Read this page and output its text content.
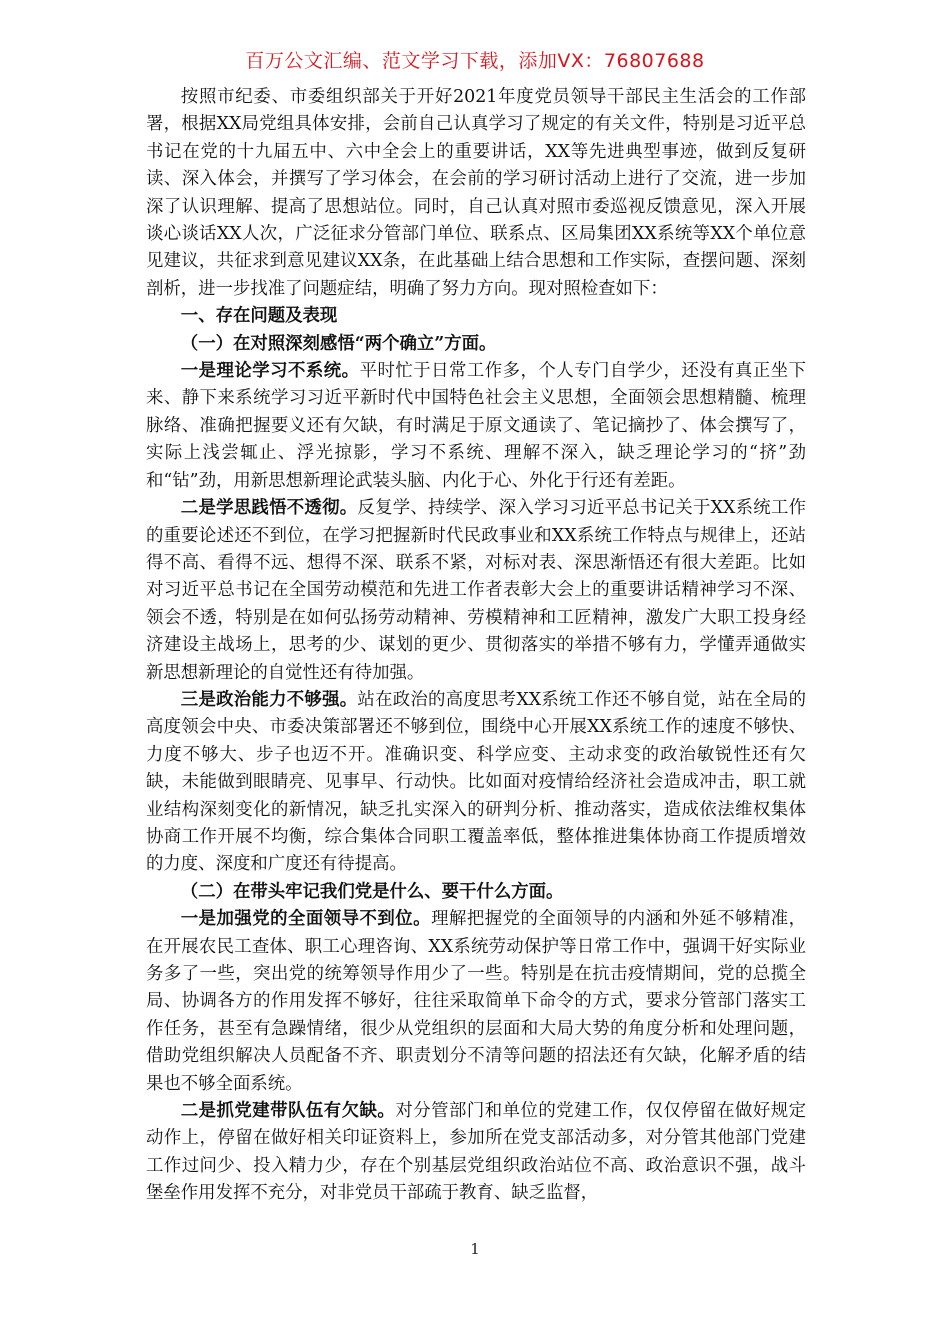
百万公文汇编、范文学习下载，添加VX：76807688

按照市纪委、市委组织部关于开好2021年度党员领导干部民主生活会的工作部署，根据XX局党组具体安排，会前自己认真学习了规定的有关文件，特别是习近平总书记在党的十九届五中、六中全会上的重要讲话，XX等先进典型事迹，做到反复研读、深入体会，并撰写了学习体会，在会前的学习研讨活动上进行了交流，进一步加深了认识理解、提高了思想站位。同时，自己认真对照市委巡视反馈意见，深入开展谈心谈话XX人次，广泛征求分管部门单位、联系点、区局集团XX系统等XX个单位意见建议，共征求到意见建议XX条，在此基础上结合思想和工作实际，查摆问题、深刻剖析，进一步找准了问题症结，明确了努力方向。现对照检查如下：

一、存在问题及表现

（一）在对照深刻感悟“两个确立”方面。

一是理论学习不系统。平时忙于日常工作多，个人专门自学少，还没有真正坐下来、静下来系统学习习近平新时代中国特色社会主义思想，全面领会思想精髓、梳理脉络、准确把握要义还有欠缺，有时满足于原文通读了、笔记摘抄了、体会撰写了，实际上浅尝辄止、浮光掠影，学习不系统、理解不深入，缺乏理论学习的“挤”劲和“钻”劲，用新思想新理论武装头脑、内化于心、外化于行还有差距。

二是学思践悟不透彻。反复学、持续学、深入学习习近平总书记关于XX系统工作的重要论述还不到位，在学习把握新时代民政事业和XX系统工作特点与规律上，还站得不高、看得不远、想得不深、联系不紧，对标对表、深思渐悟还有很大差距。比如对习近平总书记在全国劳动模范和先进工作者表彰大会上的重要讲话精神学习不深、领会不透，特别是在如何弘扬劳动精神、劳模精神和工匠精神，激发广大职工投身经济建设主战场上，思考的少、谋划的更少、贯彻落实的举措不够有力，学懂弄通做实新思想新理论的自觉性还有待加强。

三是政治能力不够强。站在政治的高度思考XX系统工作还不够自觉，站在全局的高度领会中央、市委决策部署还不够到位，围绕中心开展XX系统工作的速度不够快、力度不够大、步子也迈不开。准确识变、科学应变、主动求变的政治敏锐性还有欠缺，未能做到眼睛亮、见事早、行动快。比如面对疫情给经济社会造成冲击，职工就业结构深刻变化的新情况，缺乏扎实深入的研判分析、推动落实，造成依法维权集体协商工作开展不均衡，综合集体合同职工覆盖率低，整体推进集体协商工作提质增效的力度、深度和广度还有待提高。

（二）在带头牢记我们党是什么、要干什么方面。

一是加强党的全面领导不到位。理解把握党的全面领导的内涵和外延不够精准，在开展农民工查体、职工心理咨询、XX系统劳动保护等日常工作中，强调干好实际业务多了一些，突出党的统筹领导作用少了一些。特别是在抗击疫情期间，党的总揽全局、协调各方的作用发挥不够好，往往采取简单下命令的方式，要求分管部门落实工作任务，甚至有急躁情绪，很少从党组织的层面和大局大势的角度分析和处理问题，借助党组织解决人员配备不齐、职责划分不清等问题的招法还有欠缺，化解矛盾的结果也不够全面系统。

二是抓党建带队伍有欠缺。对分管部门和单位的党建工作，仅仅停留在做好规定动作上，停留在做好相关印证资料上，参加所在党支部活动多，对分管其他部门党建工作过问少、投入精力少，存在个别基层党组织政治站位不高、政治意识不强，战斗堡垒作用发挥不充分，对非党员干部疏于教育、缺乏监督，

1
